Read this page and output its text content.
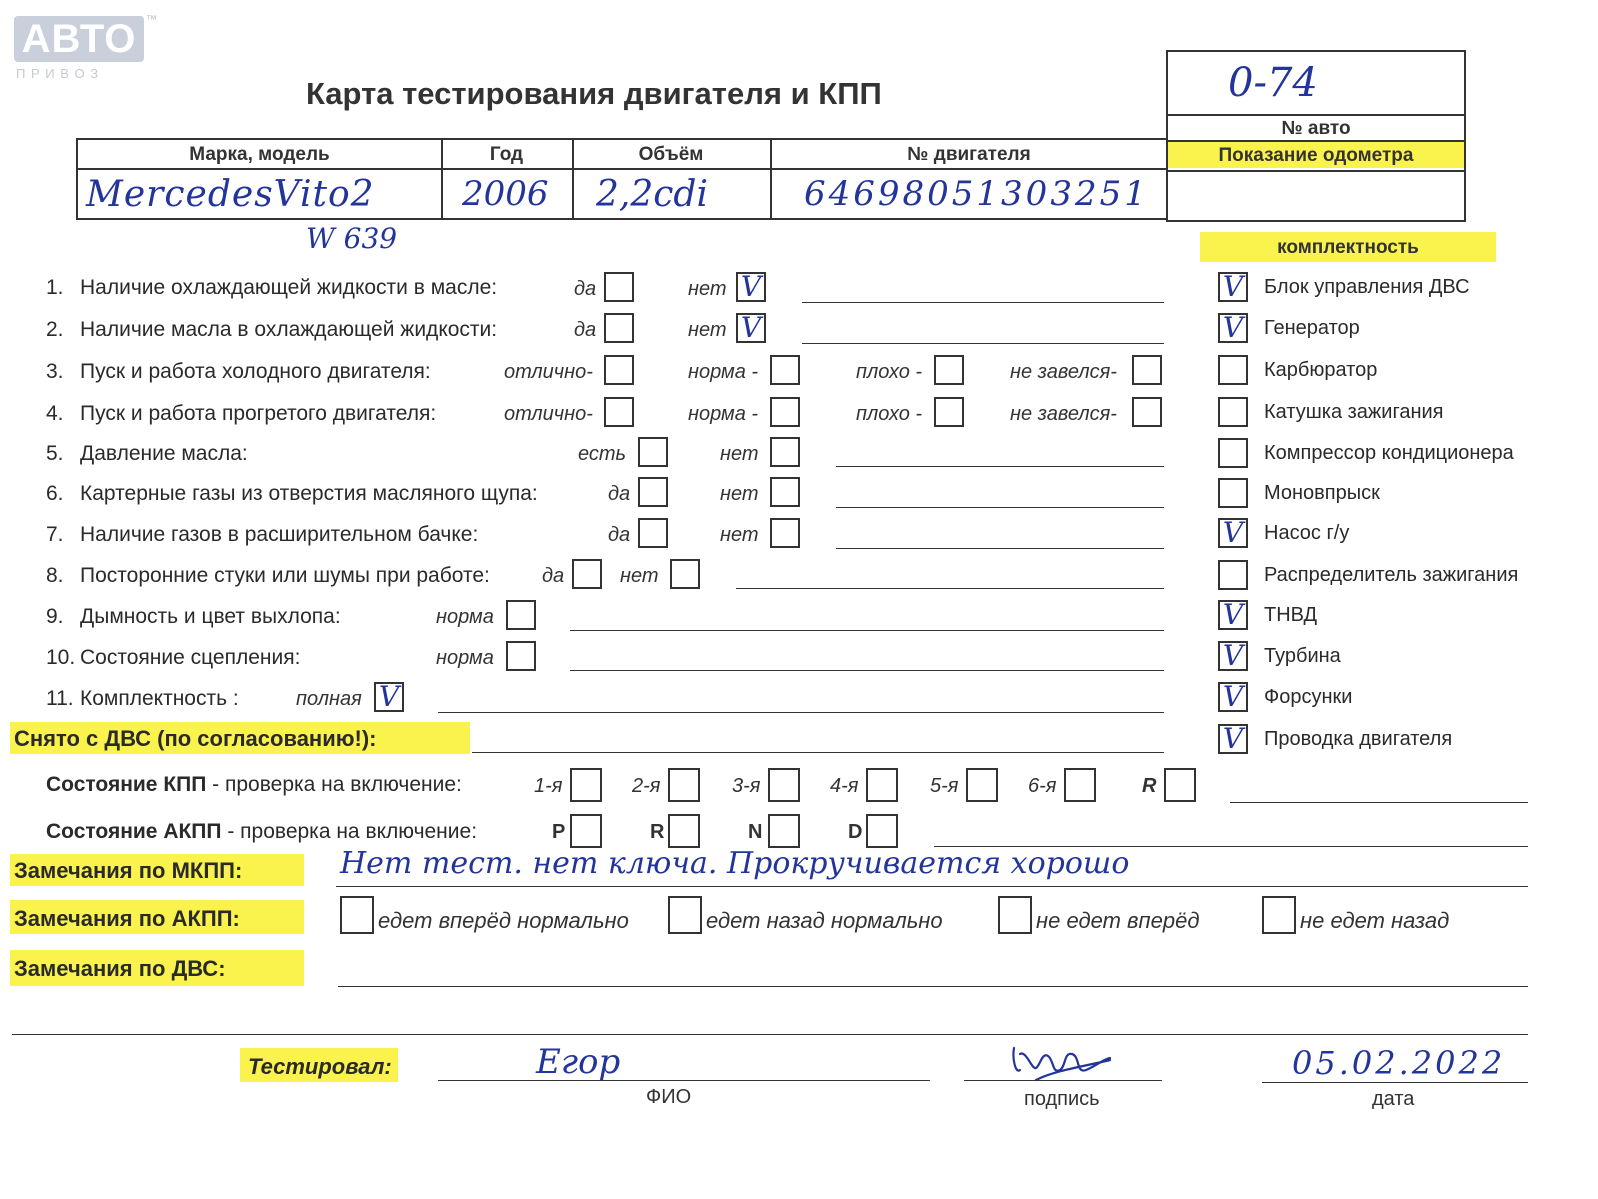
АВТО ™
П Р И В О З
Карта тестирования двигателя и КПП	0-74
№ авто
Показание одометра
Марка, модель	Год	Объём	№ двигателя
MercedesVito2	2006 2,2cdi	64698051303251
W 639	комплектность
1. Наличие охлаждающей жидкости в масле:	да	нет V
2. Наличие масла в охлаждающей жидкости:	да	нет V
3. Пуск и работа холодного двигателя:	отлично-	норма -	плохо -	не завелся-
4. Пуск и работа прогретого двигателя:	отлично-	норма -	плохо -	не завелся-
5. Давление масла:	есть	нет
6. Картерные газы из отверстия масляного щупа:	да	нет
7. Наличие газов в расширительном бачке:	да	нет
8. Посторонние стуки или шумы при работе:	да	нет
9. Дымность и цвет выхлопа:	норма
10. Состояние сцепления:	норма
11. Комплектность :	полная V
Снято с ДВС (по согласованию!):
V Блок управления ДВС
V Генератор
Карбюратор
Катушка зажигания
Компрессор кондиционера
Моновпрыск
V Насос г/у
Распределитель зажигания
V ТНВД
V Турбина
V Форсунки
V Проводка двигателя
Состояние КПП - проверка на включение:	1-я	2-я	3-я	4-я	5-я	6-я	R
Состояние АКПП - проверка на включение:	P	R	N	D
Замечания по МКПП:	Нет тест. нет ключа. Прокручивается хорошо
Замечания по АКПП:	едет вперёд нормально	едет назад нормально	не едет вперёд	не едет назад
Замечания по ДВС:
Тестировал:	Егор
ФИО	подпись
05.02.2022
дата
